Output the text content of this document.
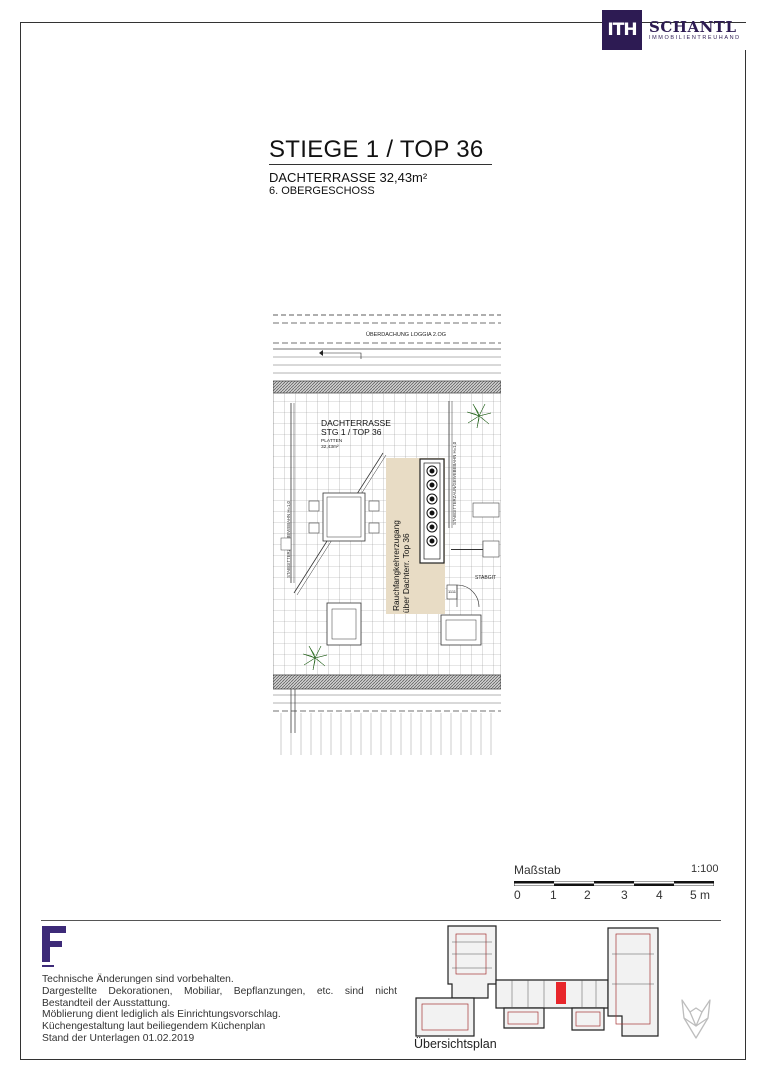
ITH SCHANTL
IMMOBILIENTREUHAND
STIEGE 1 / TOP 36
DACHTERRASSE 32,43m²
6. OBERGESCHOSS
ÜBERDACHUNG LOGGIA 2.OG
STABGITTERZAUN/GEWEBEBAHN H=1,0
DACHTERRASSE
STG 1 / TOP 36
PLATTEN
32,43m²
Rauchfangkehrerzugang über Dachterr. Top 36	1111
STABGIT
Maßstab	1:100
0 1 2	3 4 5 m
Technische Änderungen sind vorbehalten.
Dargestellte Dekorationen, Mobiliar, Bepflanzungen, etc. sind nicht
Bestandteil der Ausstattung.
Möblierung dient lediglich als Einrichtungsvorschlag.
Küchengestaltung laut beiliegendem Küchenplan
Stand der Unterlagen 01.02.2019	Übersichtsplan
